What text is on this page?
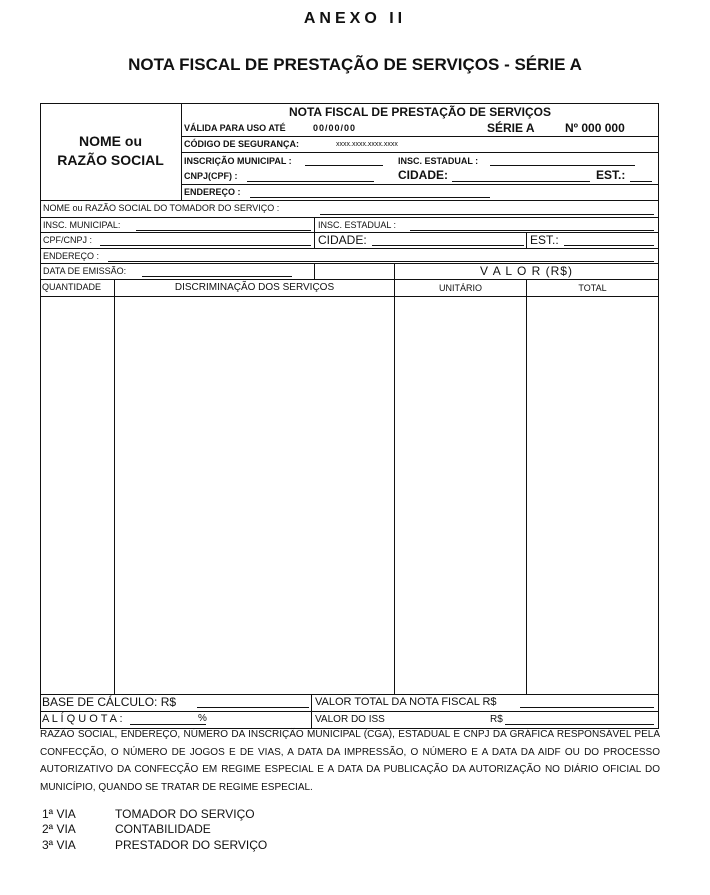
ANEXO II
NOTA FISCAL DE PRESTAÇÃO DE SERVIÇOS - SÉRIE A
NOME ou
RAZÃO SOCIAL
NOTA FISCAL DE PRESTAÇÃO DE SERVIÇOS
VÁLIDA PARA USO ATÉ	00/00/00	SÉRIE A	Nº 000 000
CÓDIGO DE SEGURANÇA:	xxxx.xxxx.xxxx.xxxx
INSCRIÇÃO MUNICIPAL :	INSC. ESTADUAL :
CNPJ(CPF) :	CIDADE:	EST.:
ENDEREÇO :
NOME ou RAZÃO SOCIAL DO TOMADOR DO SERVIÇO :
INSC. MUNICIPAL:	INSC. ESTADUAL :
CPF/CNPJ :	CIDADE:	EST.:
ENDEREÇO :
DATA DE EMISSÃO:	V A L O R (R$)
QUANTIDADE	DISCRIMINAÇÃO DOS SERVIÇOS	UNITÁRIO	TOTAL
BASE DE CÁLCULO: R$	VALOR TOTAL DA NOTA FISCAL R$
A L Í Q U O T A :	%	VALOR DO ISS	R$
RAZÃO SOCIAL, ENDEREÇO, NÚMERO DA INSCRIÇÃO MUNICIPAL (CGA), ESTADUAL E CNPJ DA GRÁFICA RESPONSÁVEL PELA CONFECÇÃO, O NÚMERO DE JOGOS E DE VIAS, A DATA DA IMPRESSÃO, O NÚMERO E A DATA DA AIDF OU DO PROCESSO AUTORIZATIVO DA CONFECÇÃO EM REGIME ESPECIAL E A DATA DA PUBLICAÇÃO DA AUTORIZAÇÃO NO DIÁRIO OFICIAL DO MUNICÍPIO, QUANDO SE TRATAR DE REGIME ESPECIAL.
1ª VIA	TOMADOR DO SERVIÇO
2ª VIA	CONTABILIDADE
3ª VIA	PRESTADOR DO SERVIÇO
